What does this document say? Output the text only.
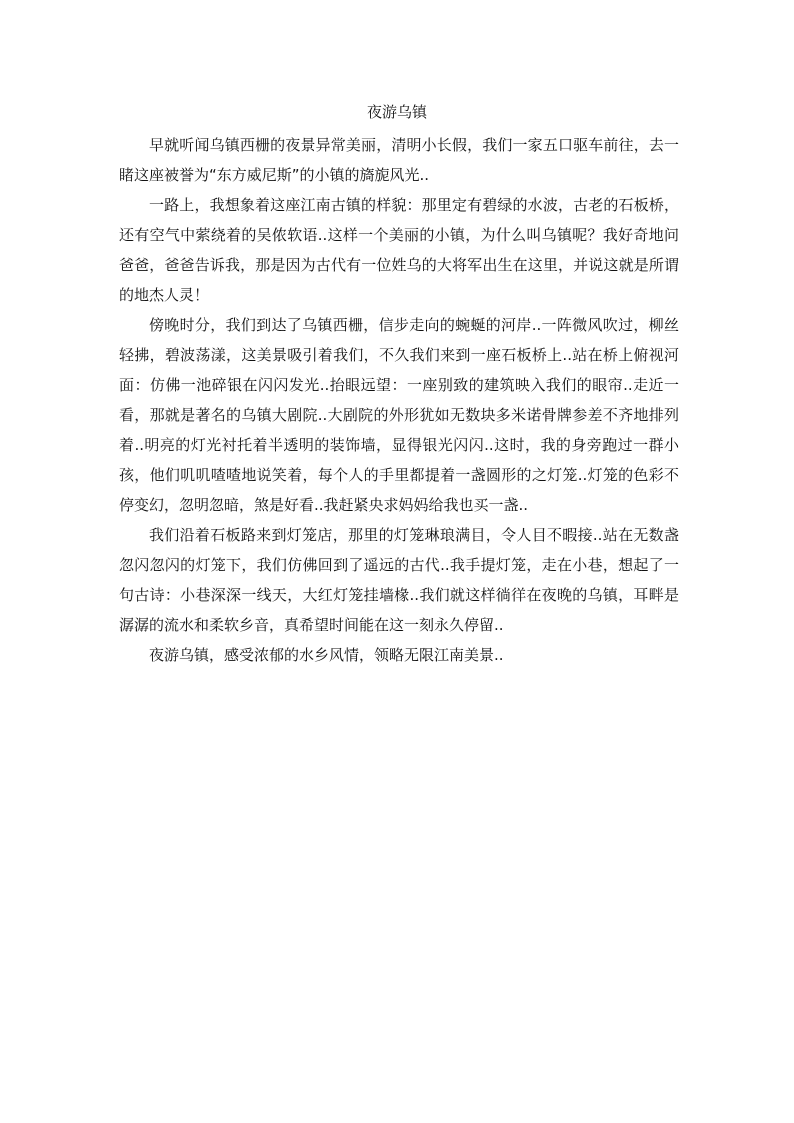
夜游乌镇

早就听闻乌镇西栅的夜景异常美丽，清明小长假，我们一家五口驱车前往，去一睹这座被誉为“东方威尼斯”的小镇的旖旎风光..

一路上，我想象着这座江南古镇的样貌：那里定有碧绿的水波，古老的石板桥，还有空气中萦绕着的吴侬软语..这样一个美丽的小镇，为什么叫乌镇呢？我好奇地问爸爸，爸爸告诉我，那是因为古代有一位姓乌的大将军出生在这里，并说这就是所谓的地杰人灵！

傍晚时分，我们到达了乌镇西栅，信步走向的蜿蜒的河岸..一阵微风吹过，柳丝轻拂，碧波荡漾，这美景吸引着我们，不久我们来到一座石板桥上..站在桥上俯视河面：仿佛一池碎银在闪闪发光..抬眼远望：一座别致的建筑映入我们的眼帘..走近一看，那就是著名的乌镇大剧院..大剧院的外形犹如无数块多米诺骨牌参差不齐地排列着..明亮的灯光衬托着半透明的装饰墙，显得银光闪闪..这时，我的身旁跑过一群小孩，他们叽叽喳喳地说笑着，每个人的手里都提着一盏圆形的之灯笼..灯笼的色彩不停变幻，忽明忽暗，煞是好看..我赶紧央求妈妈给我也买一盏..

我们沿着石板路来到灯笼店，那里的灯笼琳琅满目，令人目不暇接..站在无数盏忽闪忽闪的灯笼下，我们仿佛回到了遥远的古代..我手提灯笼，走在小巷，想起了一句古诗：小巷深深一线天，大红灯笼挂墙椽..我们就这样徜徉在夜晚的乌镇，耳畔是潺潺的流水和柔软乡音，真希望时间能在这一刻永久停留..

夜游乌镇，感受浓郁的水乡风情，领略无限江南美景..
